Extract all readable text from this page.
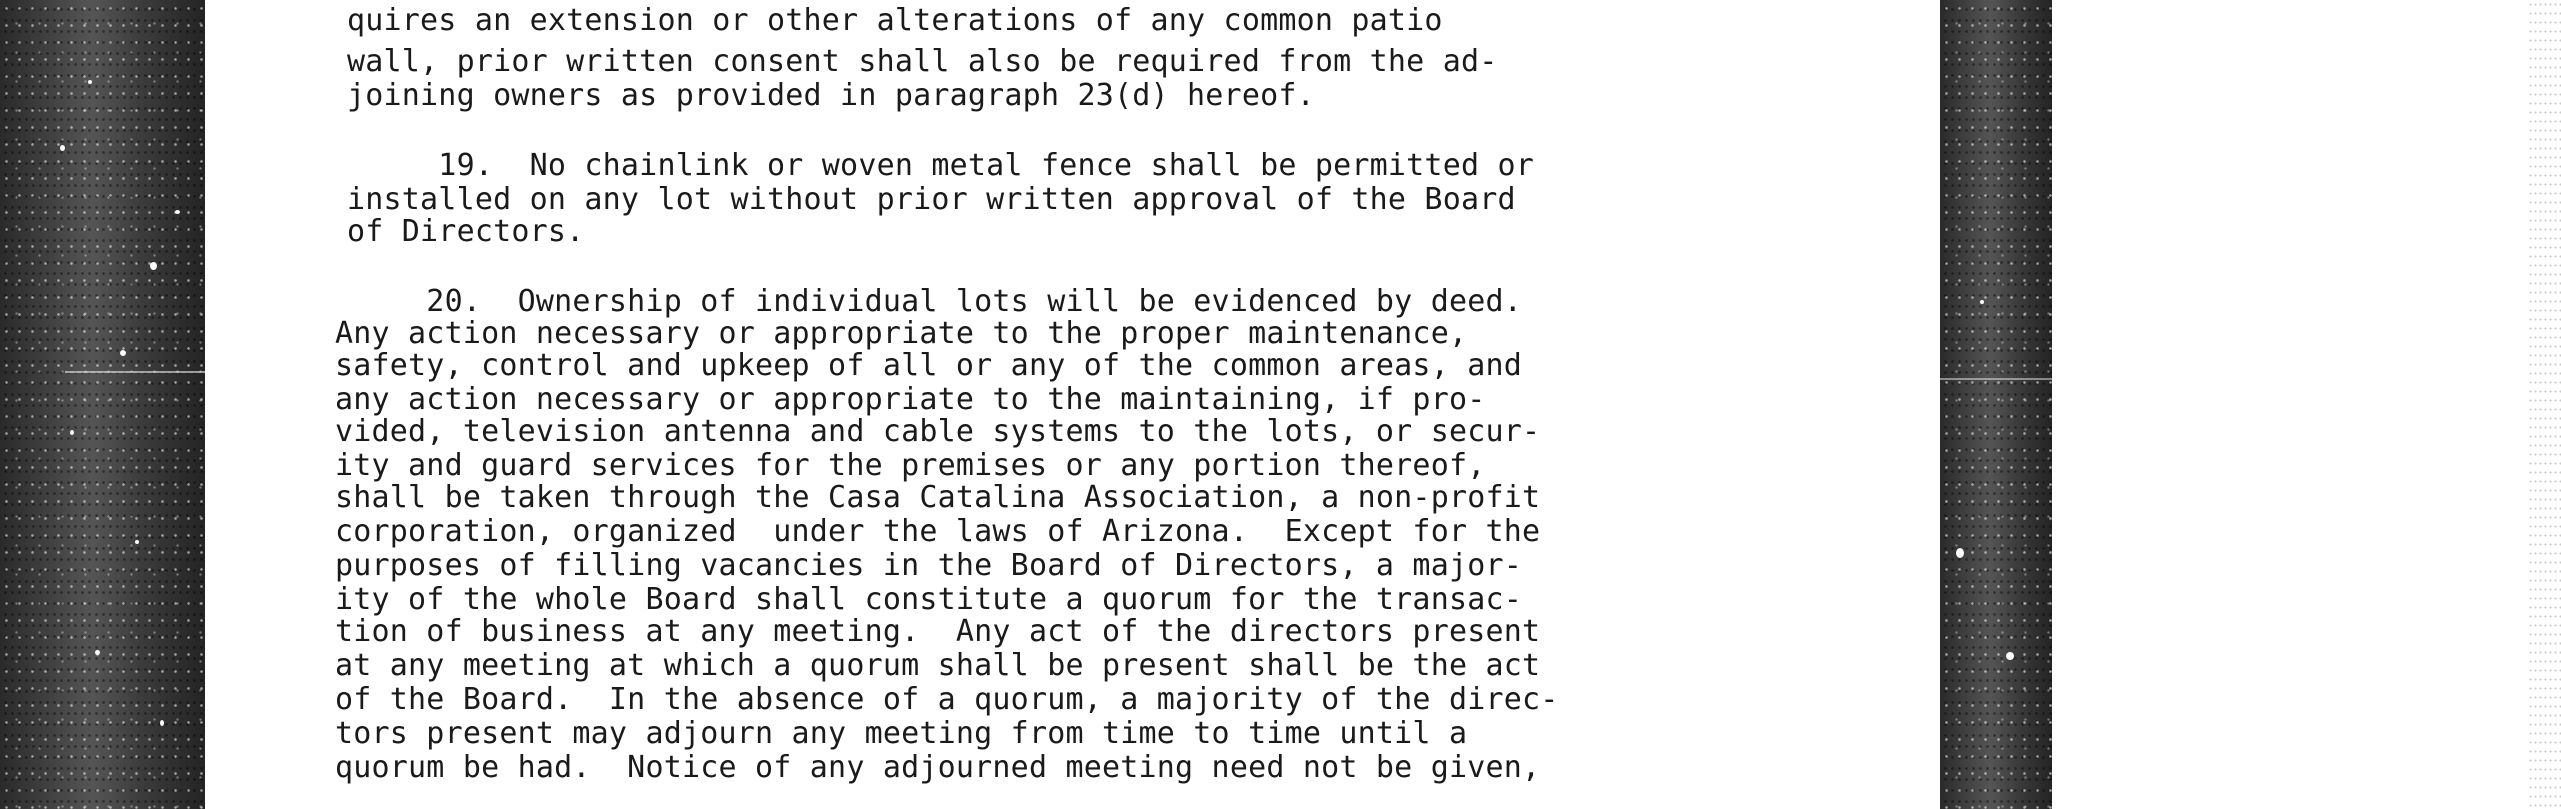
quires an extension or other alterations of any common patio
wall, prior written consent shall also be required from the ad-
joining owners as provided in paragraph 23(d) hereof.
19.  No chainlink or woven metal fence shall be permitted or
installed on any lot without prior written approval of the Board
of Directors.
20.  Ownership of individual lots will be evidenced by deed.
Any action necessary or appropriate to the proper maintenance,
safety, control and upkeep of all or any of the common areas, and
any action necessary or appropriate to the maintaining, if pro-
vided, television antenna and cable systems to the lots, or secur-
ity and guard services for the premises or any portion thereof,
shall be taken through the Casa Catalina Association, a non-profit
corporation, organized  under the laws of Arizona.  Except for the
purposes of filling vacancies in the Board of Directors, a major-
ity of the whole Board shall constitute a quorum for the transac-
tion of business at any meeting.  Any act of the directors present
at any meeting at which a quorum shall be present shall be the act
of the Board.  In the absence of a quorum, a majority of the direc-
tors present may adjourn any meeting from time to time until a
quorum be had.  Notice of any adjourned meeting need not be given,
